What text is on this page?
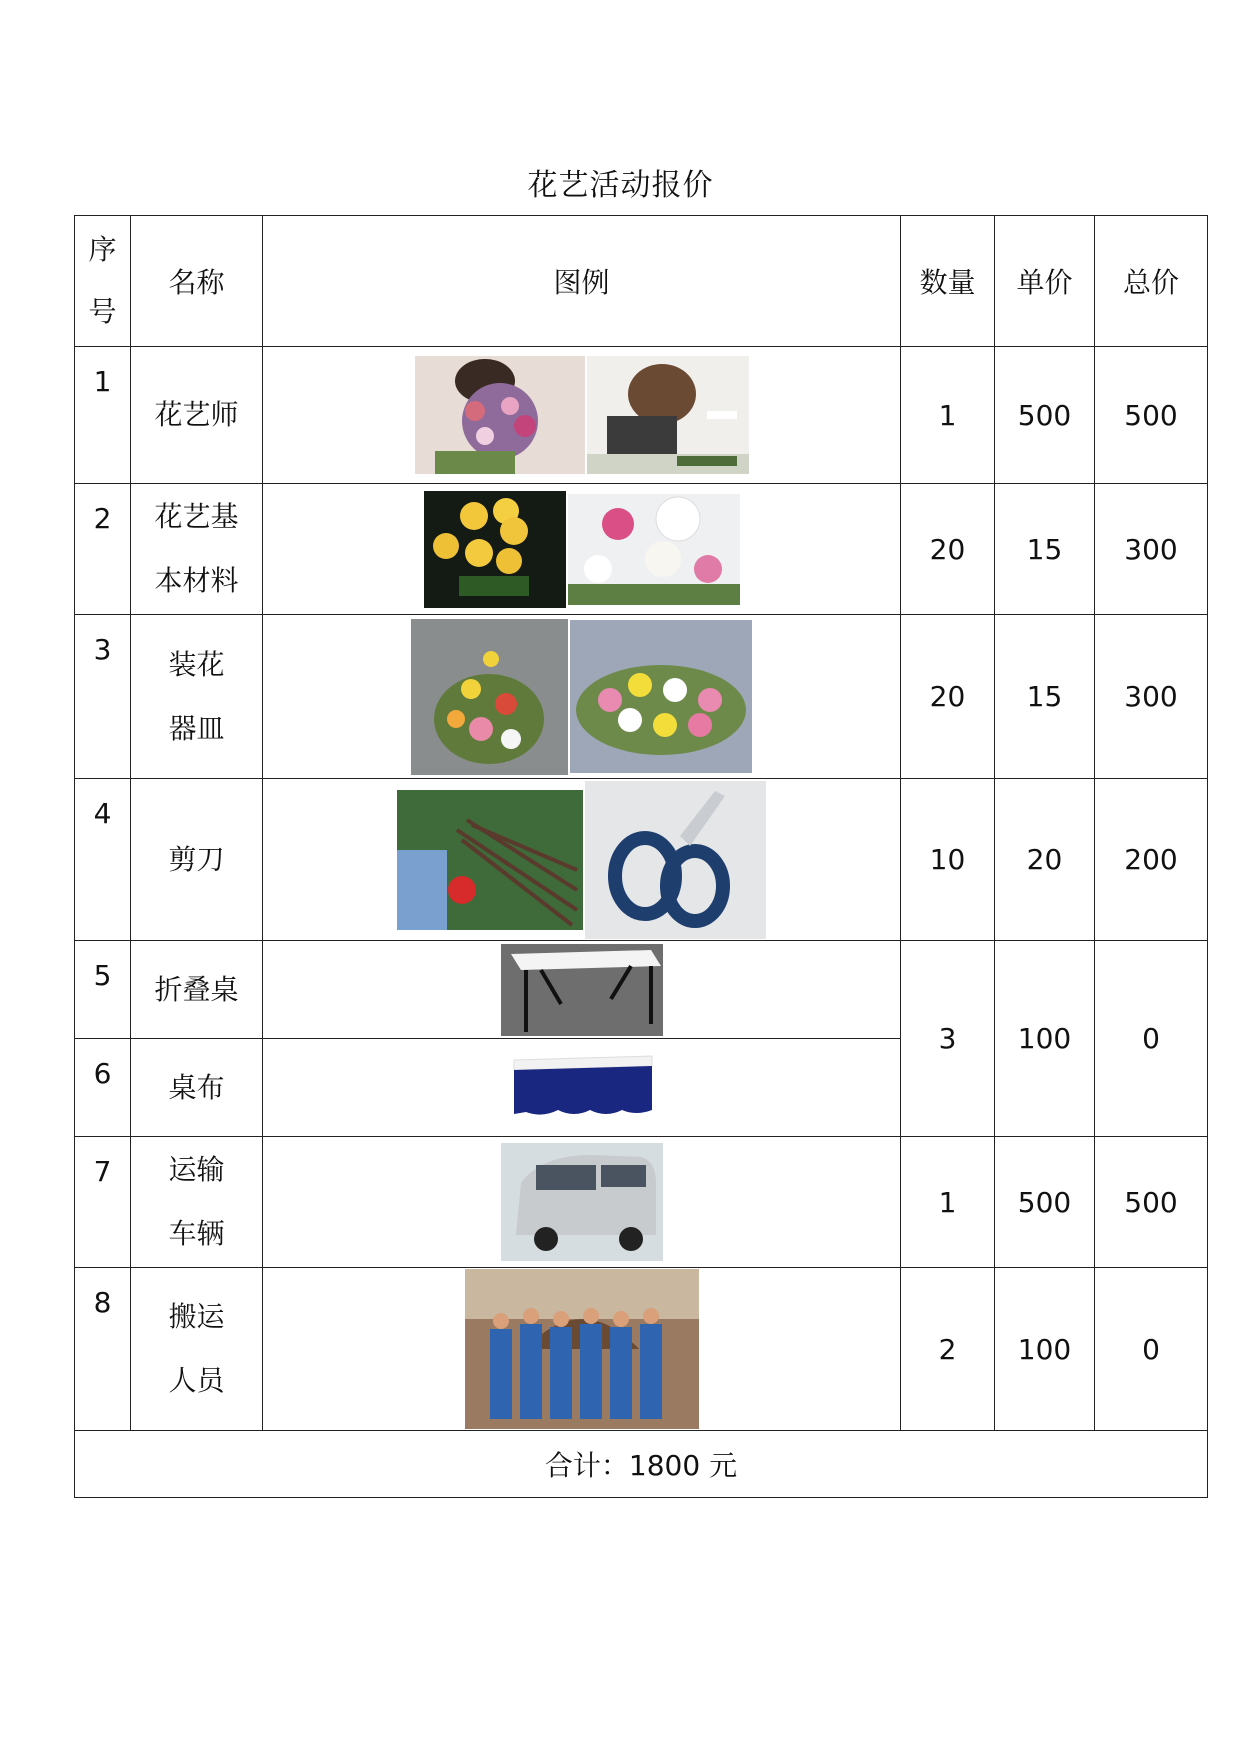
花艺活动报价
序号	名称	图例	数量	单价	总价
1	花艺师		1	500	500
2	花艺基本材料		20	15	300
3	装花器皿		20	15	300
4	剪刀		10	20	200
5	折叠桌		3	100	0
6	桌布	

7	运输车辆		1	500	500
8	搬运人员		2	100	0
合计：1800 元					
